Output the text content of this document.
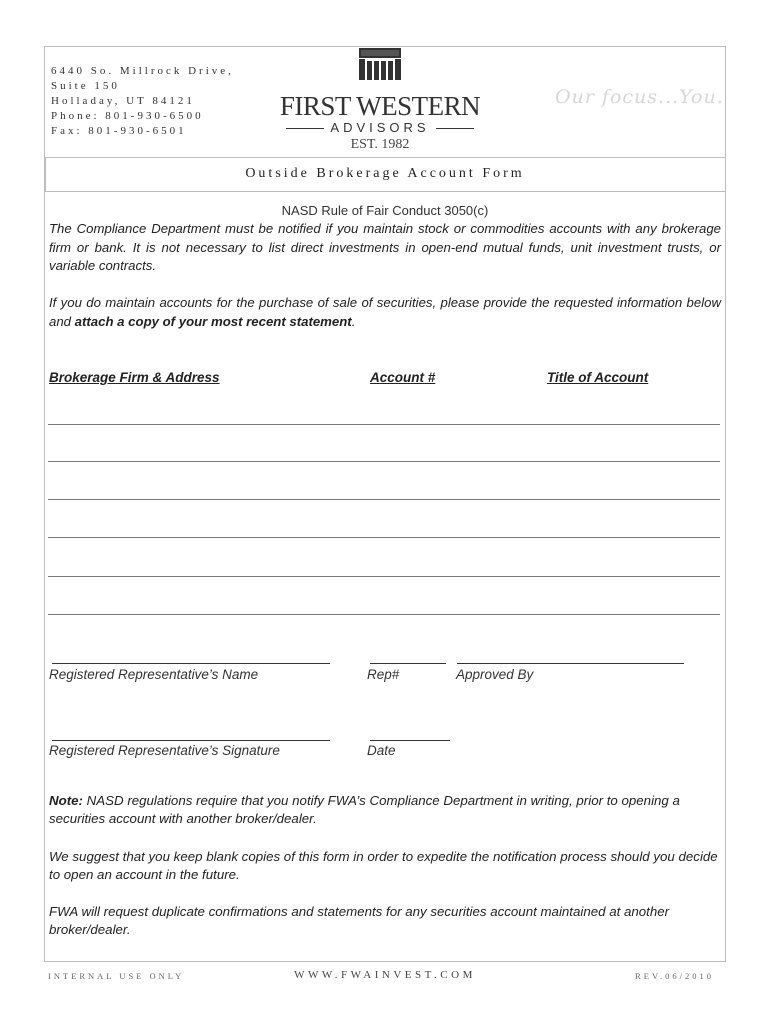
6440 So. Millrock Drive,
Suite 150
Holladay, UT 84121
Phone: 801-930-6500
Fax: 801-930-6501
FIRST WESTERN
ADVISORS
EST. 1982
Our focus...You.
Outside Brokerage Account Form
NASD Rule of Fair Conduct 3050(c)
The Compliance Department must be notified if you maintain stock or commodities accounts with any brokerage firm or bank. It is not necessary to list direct investments in open-end mutual funds, unit investment trusts, or variable contracts.
If you do maintain accounts for the purchase of sale of securities, please provide the requested information below and attach a copy of your most recent statement.
Brokerage Firm & Address	Account #	Title of Account
Registered Representative’s Name	Rep#	Approved By
Registered Representative’s Signature	Date
Note: NASD regulations require that you notify FWA’s Compliance Department in writing, prior to opening a securities account with another broker/dealer.
We suggest that you keep blank copies of this form in order to expedite the notification process should you decide to open an account in the future.
FWA will request duplicate confirmations and statements for any securities account maintained at another broker/dealer.
INTERNAL USE ONLY	WWW.FWAINVEST.COM	REV.06/2010
